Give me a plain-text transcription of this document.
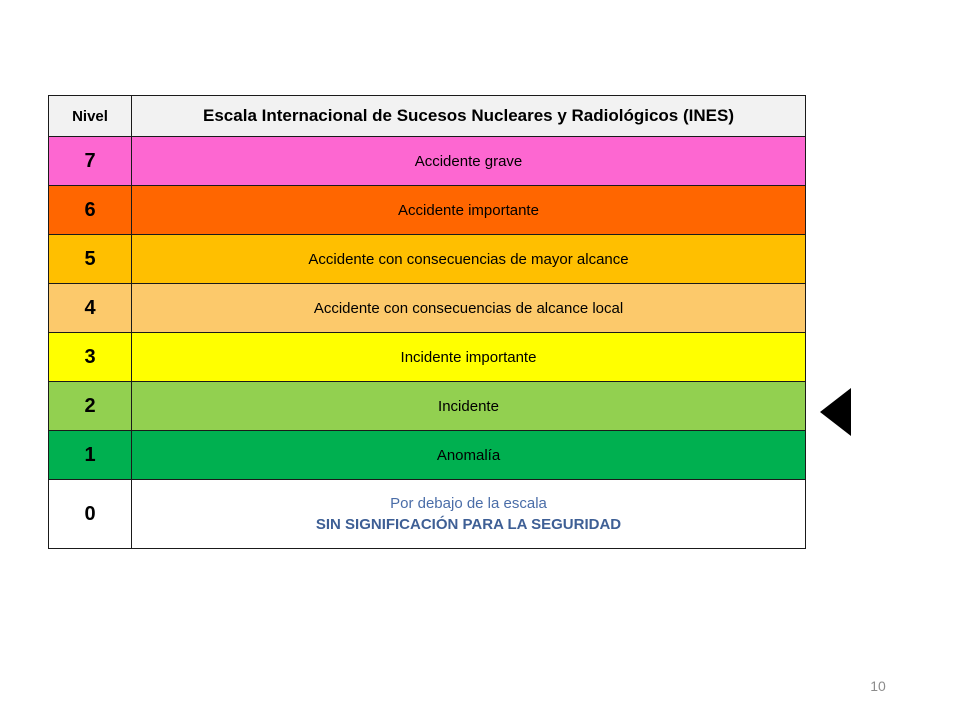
Nivel	Escala Internacional de Sucesos Nucleares y Radiológicos (INES)
7	Accidente grave
6	Accidente importante
5	Accidente con consecuencias de mayor alcance
4	Accidente con consecuencias de alcance local
3	Incidente importante
2	Incidente
1	Anomalía
0	Por debajo de la escala
SIN SIGNIFICACIÓN PARA LA SEGURIDAD
10
